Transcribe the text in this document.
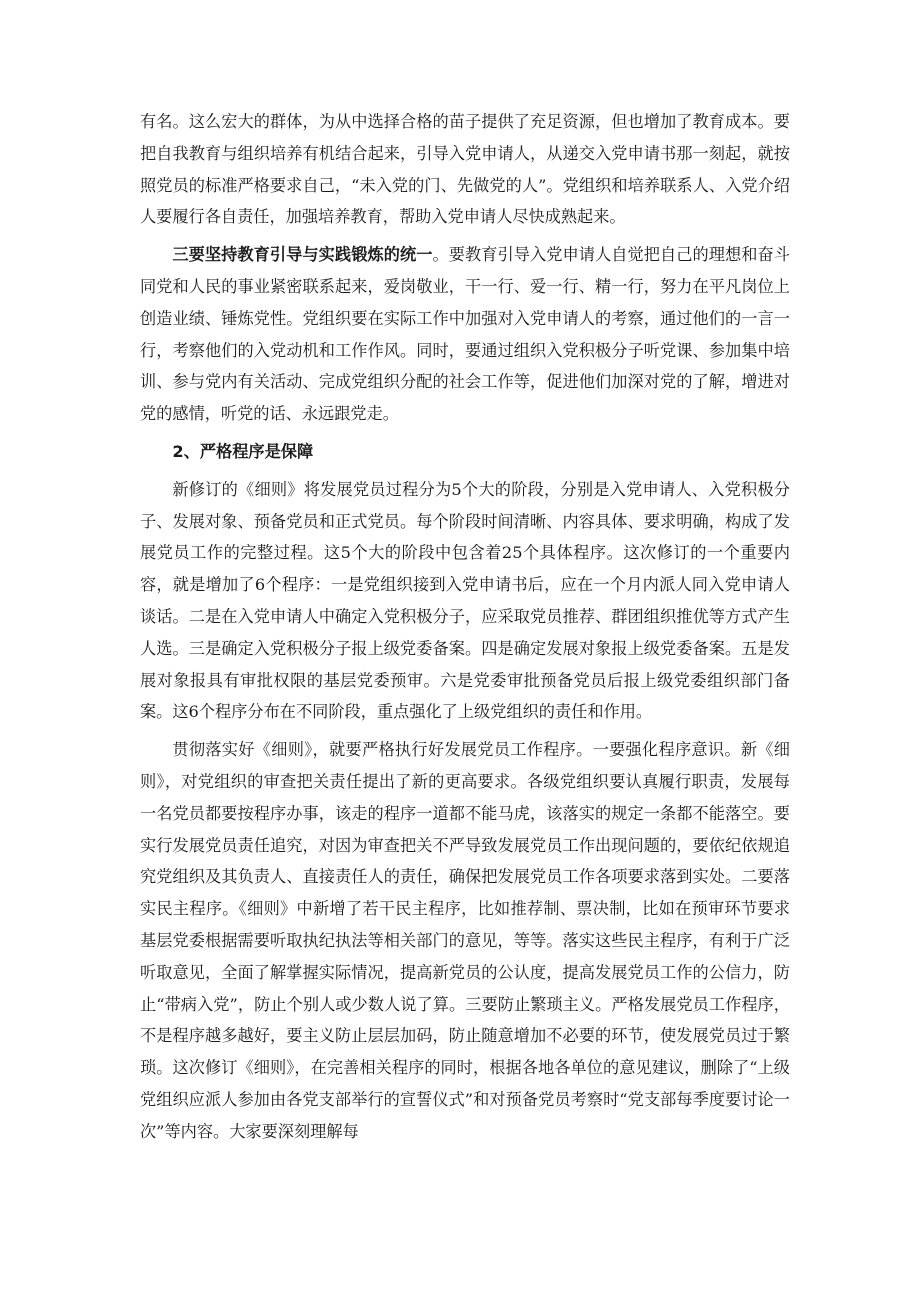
有名。这么宏大的群体，为从中选择合格的苗子提供了充足资源，但也增加了教育成本。要把自我教育与组织培养有机结合起来，引导入党申请人，从递交入党申请书那一刻起，就按照党员的标准严格要求自己，“未入党的门、先做党的人”。党组织和培养联系人、入党介绍人要履行各自责任，加强培养教育，帮助入党申请人尽快成熟起来。

三要坚持教育引导与实践锻炼的统一。要教育引导入党申请人自觉把自己的理想和奋斗同党和人民的事业紧密联系起来，爱岗敬业，干一行、爱一行、精一行，努力在平凡岗位上创造业绩、锤炼党性。党组织要在实际工作中加强对入党申请人的考察，通过他们的一言一行，考察他们的入党动机和工作作风。同时，要通过组织入党积极分子听党课、参加集中培训、参与党内有关活动、完成党组织分配的社会工作等，促进他们加深对党的了解，增进对党的感情，听党的话、永远跟党走。

2、严格程序是保障

新修订的《细则》将发展党员过程分为5个大的阶段，分别是入党申请人、入党积极分子、发展对象、预备党员和正式党员。每个阶段时间清晰、内容具体、要求明确，构成了发展党员工作的完整过程。这5个大的阶段中包含着25个具体程序。这次修订的一个重要内容，就是增加了6个程序：一是党组织接到入党申请书后，应在一个月内派人同入党申请人谈话。二是在入党申请人中确定入党积极分子，应采取党员推荐、群团组织推优等方式产生人选。三是确定入党积极分子报上级党委备案。四是确定发展对象报上级党委备案。五是发展对象报具有审批权限的基层党委预审。六是党委审批预备党员后报上级党委组织部门备案。这6个程序分布在不同阶段，重点强化了上级党组织的责任和作用。

贯彻落实好《细则》，就要严格执行好发展党员工作程序。一要强化程序意识。新《细则》，对党组织的审查把关责任提出了新的更高要求。各级党组织要认真履行职责，发展每一名党员都要按程序办事，该走的程序一道都不能马虎，该落实的规定一条都不能落空。要实行发展党员责任追究，对因为审查把关不严导致发展党员工作出现问题的，要依纪依规追究党组织及其负责人、直接责任人的责任，确保把发展党员工作各项要求落到实处。二要落实民主程序。《细则》中新增了若干民主程序，比如推荐制、票决制，比如在预审环节要求基层党委根据需要听取执纪执法等相关部门的意见，等等。落实这些民主程序，有利于广泛听取意见，全面了解掌握实际情况，提高新党员的公认度，提高发展党员工作的公信力，防止“带病入党”，防止个别人或少数人说了算。三要防止繁琐主义。严格发展党员工作程序，不是程序越多越好，要主义防止层层加码，防止随意增加不必要的环节，使发展党员过于繁琐。这次修订《细则》，在完善相关程序的同时，根据各地各单位的意见建议，删除了“上级党组织应派人参加由各党支部举行的宣誓仪式”和对预备党员考察时“党支部每季度要讨论一次”等内容。大家要深刻理解每
